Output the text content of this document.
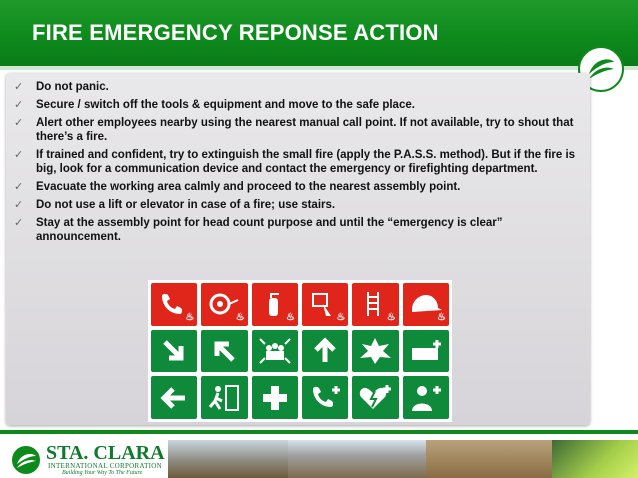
FIRE EMERGENCY REPONSE ACTION
✓	Do not panic.
✓	Secure / switch off the tools & equipment and move to the safe place.
✓	Alert other employees nearby using the nearest manual call point. If not available, try to shout that there’s a fire.
✓	If trained and confident, try to extinguish the small fire (apply the P.A.S.S. method). But if the fire is big, look for a communication device and contact the emergency or firefighting department.
✓	Evacuate the working area calmly and proceed to the nearest assembly point.
✓	Do not use a lift or elevator in case of a fire; use stairs.
✓	Stay at the assembly point for head count purpose and until the “emergency is clear” announcement.
♨	♨	♨	♨	♨	♨
STA. CLARA
INTERNATIONAL CORPORATION
Building Your Way To The Future
